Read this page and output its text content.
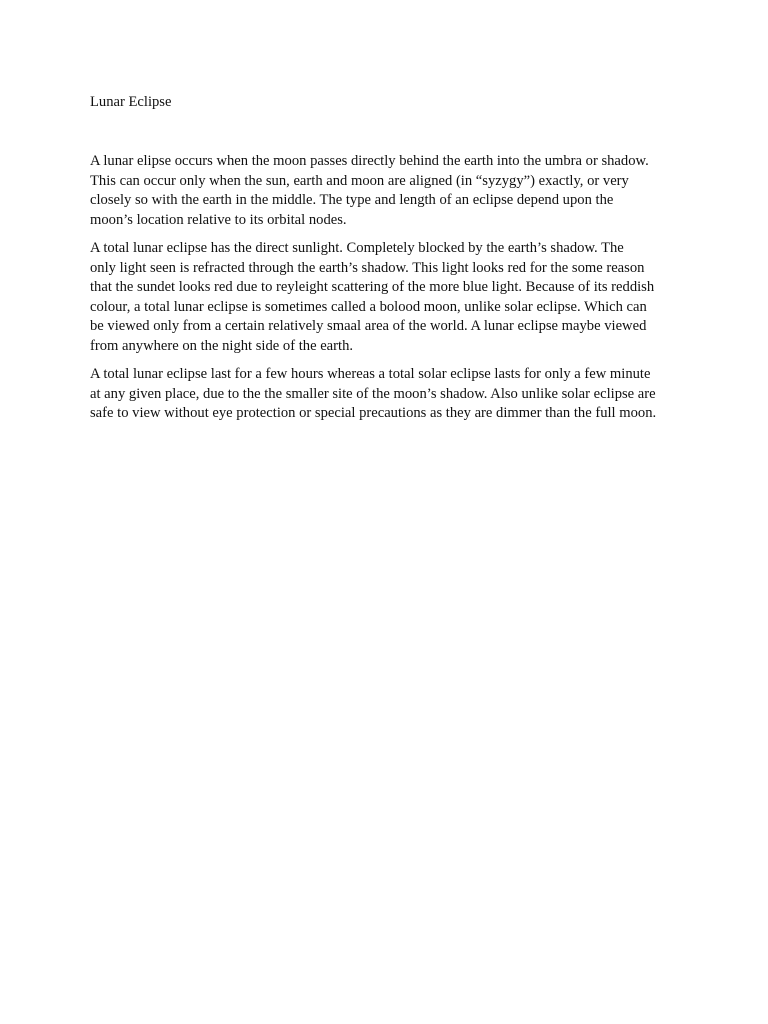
Lunar Eclipse

A lunar elipse occurs when the moon passes directly behind the earth into the umbra or shadow.
This can occur only when the sun, earth and moon are aligned (in “syzygy”) exactly, or very
closely so with the earth in the middle. The type and length of an eclipse depend upon the
moon’s location relative to its orbital nodes.

A total lunar eclipse has the direct sunlight. Completely blocked by the earth’s shadow. The
only light seen is refracted through the earth’s shadow. This light looks red for the some reason
that the sundet looks red due to reyleight scattering of the more blue light. Because of its reddish
colour, a total lunar eclipse is sometimes called a bolood moon, unlike solar eclipse. Which can
be viewed only from a certain relatively smaal area of the world. A lunar eclipse maybe viewed
from anywhere on the night side of the earth.

A total lunar eclipse last for a few hours whereas a total solar eclipse lasts for only a few minute
at any given place, due to the the smaller site of the moon’s shadow. Also unlike solar eclipse are
safe to view without eye protection or special precautions as they are dimmer than the full moon.
